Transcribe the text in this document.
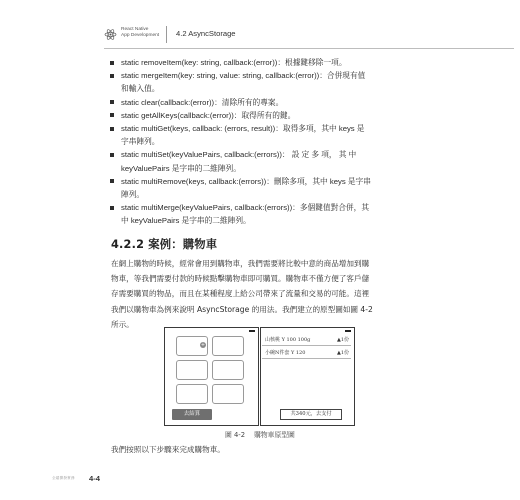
React Native
App Development 4.2 AsyncStorage
static removeItem(key: string, callback:(error))：根據鍵移除一項。
static mergeItem(key: string, value: string, callback:(error))：合併現有值
和輸入值。
static clear(callback:(error))：清除所有的專案。
static getAllKeys(callback:(error))：取得所有的鍵。
static multiGet(keys, callback: (errors, result))：取得多項，其中 keys 是
字串陣列。
static multiSet(keyValuePairs, callback:(errors))： 設 定 多 項， 其 中
keyValuePairs 是字串的二維陣列。
static multiRemove(keys, callback:(errors))：刪除多項，其中 keys 是字串
陣列。
static multiMerge(keyValuePairs, callback:(errors))：多個鍵值對合併，其
中 keyValuePairs 是字串的二維陣列。
4.2.2 案例：購物車
在網上購物的時候，經常會用到購物車，我們需要將比較中意的商品增加到購
物車，等我們需要付款的時候點擊購物車即可購買。購物車不僅方便了客戶儲
存需要購買的物品，而且在某種程度上給公司帶來了流量和交易的可能。這裡
我們以購物車為例來說明 AsyncStorage 的用法。我們建立的原型圖如圖 4-2
所示。
+
去結算
山核桃 Y 100 100g	▲1份
小碗N件套 Y 120	▲1份
共340元，去支付
圖 4-2 購物車原型圖
我們按照以下步驟來完成購物車。
全端開發實務	4-4
